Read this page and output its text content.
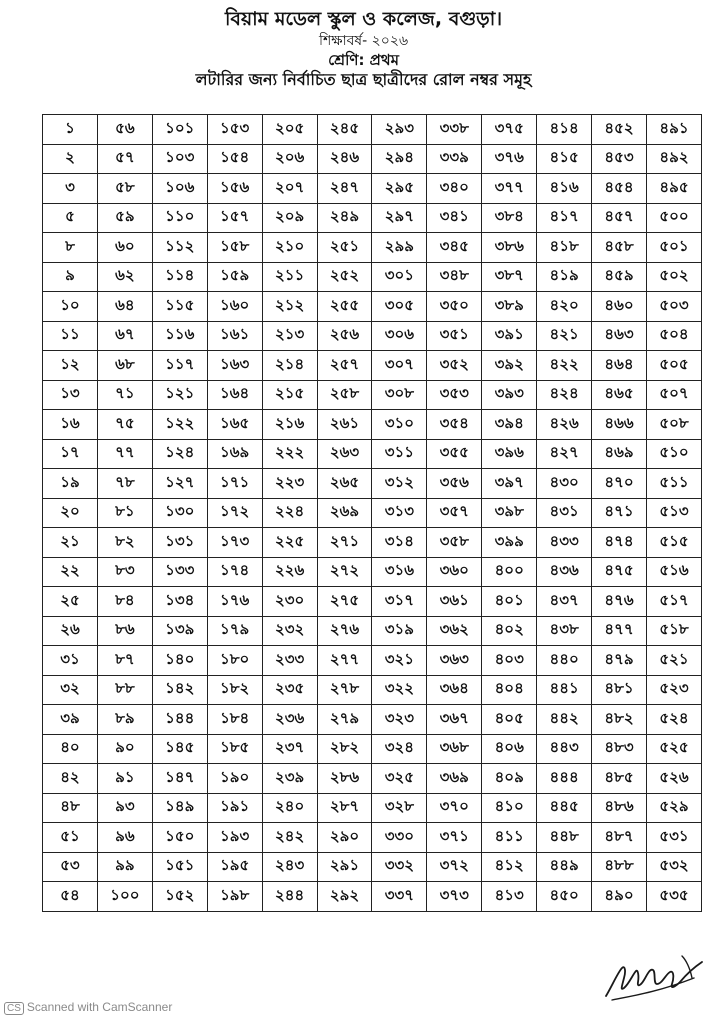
বিয়াম মডেল স্কুল ও কলেজ, বগুড়া।
শিক্ষাবর্ষ- ২০২৬
শ্রেণি: প্রথম
লটারির জন্য নির্বাচিত ছাত্র ছাত্রীদের রোল নম্বর সমূহ
১	৫৬	১০১	১৫৩	২০৫	২৪৫	২৯৩	৩৩৮	৩৭৫	৪১৪	৪৫২	৪৯১
২	৫৭	১০৩	১৫৪	২০৬	২৪৬	২৯৪	৩৩৯	৩৭৬	৪১৫	৪৫৩	৪৯২
৩	৫৮	১০৬	১৫৬	২০৭	২৪৭	২৯৫	৩৪০	৩৭৭	৪১৬	৪৫৪	৪৯৫
৫	৫৯	১১০	১৫৭	২০৯	২৪৯	২৯৭	৩৪১	৩৮৪	৪১৭	৪৫৭	৫০০
৮	৬০	১১২	১৫৮	২১০	২৫১	২৯৯	৩৪৫	৩৮৬	৪১৮	৪৫৮	৫০১
৯	৬২	১১৪	১৫৯	২১১	২৫২	৩০১	৩৪৮	৩৮৭	৪১৯	৪৫৯	৫০২
১০	৬৪	১১৫	১৬০	২১২	২৫৫	৩০৫	৩৫০	৩৮৯	৪২০	৪৬০	৫০৩
১১	৬৭	১১৬	১৬১	২১৩	২৫৬	৩০৬	৩৫১	৩৯১	৪২১	৪৬৩	৫০৪
১২	৬৮	১১৭	১৬৩	২১৪	২৫৭	৩০৭	৩৫২	৩৯২	৪২২	৪৬৪	৫০৫
১৩	৭১	১২১	১৬৪	২১৫	২৫৮	৩০৮	৩৫৩	৩৯৩	৪২৪	৪৬৫	৫০৭
১৬	৭৫	১২২	১৬৫	২১৬	২৬১	৩১০	৩৫৪	৩৯৪	৪২৬	৪৬৬	৫০৮
১৭	৭৭	১২৪	১৬৯	২২২	২৬৩	৩১১	৩৫৫	৩৯৬	৪২৭	৪৬৯	৫১০
১৯	৭৮	১২৭	১৭১	২২৩	২৬৫	৩১২	৩৫৬	৩৯৭	৪৩০	৪৭০	৫১১
২০	৮১	১৩০	১৭২	২২৪	২৬৯	৩১৩	৩৫৭	৩৯৮	৪৩১	৪৭১	৫১৩
২১	৮২	১৩১	১৭৩	২২৫	২৭১	৩১৪	৩৫৮	৩৯৯	৪৩৩	৪৭৪	৫১৫
২২	৮৩	১৩৩	১৭৪	২২৬	২৭২	৩১৬	৩৬০	৪০০	৪৩৬	৪৭৫	৫১৬
২৫	৮৪	১৩৪	১৭৬	২৩০	২৭৫	৩১৭	৩৬১	৪০১	৪৩৭	৪৭৬	৫১৭
২৬	৮৬	১৩৯	১৭৯	২৩২	২৭৬	৩১৯	৩৬২	৪০২	৪৩৮	৪৭৭	৫১৮
৩১	৮৭	১৪০	১৮০	২৩৩	২৭৭	৩২১	৩৬৩	৪০৩	৪৪০	৪৭৯	৫২১
৩২	৮৮	১৪২	১৮২	২৩৫	২৭৮	৩২২	৩৬৪	৪০৪	৪৪১	৪৮১	৫২৩
৩৯	৮৯	১৪৪	১৮৪	২৩৬	২৭৯	৩২৩	৩৬৭	৪০৫	৪৪২	৪৮২	৫২৪
৪০	৯০	১৪৫	১৮৫	২৩৭	২৮২	৩২৪	৩৬৮	৪০৬	৪৪৩	৪৮৩	৫২৫
৪২	৯১	১৪৭	১৯০	২৩৯	২৮৬	৩২৫	৩৬৯	৪০৯	৪৪৪	৪৮৫	৫২৬
৪৮	৯৩	১৪৯	১৯১	২৪০	২৮৭	৩২৮	৩৭০	৪১০	৪৪৫	৪৮৬	৫২৯
৫১	৯৬	১৫০	১৯৩	২৪২	২৯০	৩৩০	৩৭১	৪১১	৪৪৮	৪৮৭	৫৩১
৫৩	৯৯	১৫১	১৯৫	২৪৩	২৯১	৩৩২	৩৭২	৪১২	৪৪৯	৪৮৮	৫৩২
৫৪	১০০	১৫২	১৯৮	২৪৪	২৯২	৩৩৭	৩৭৩	৪১৩	৪৫০	৪৯০	৫৩৫
CS Scanned with CamScanner
